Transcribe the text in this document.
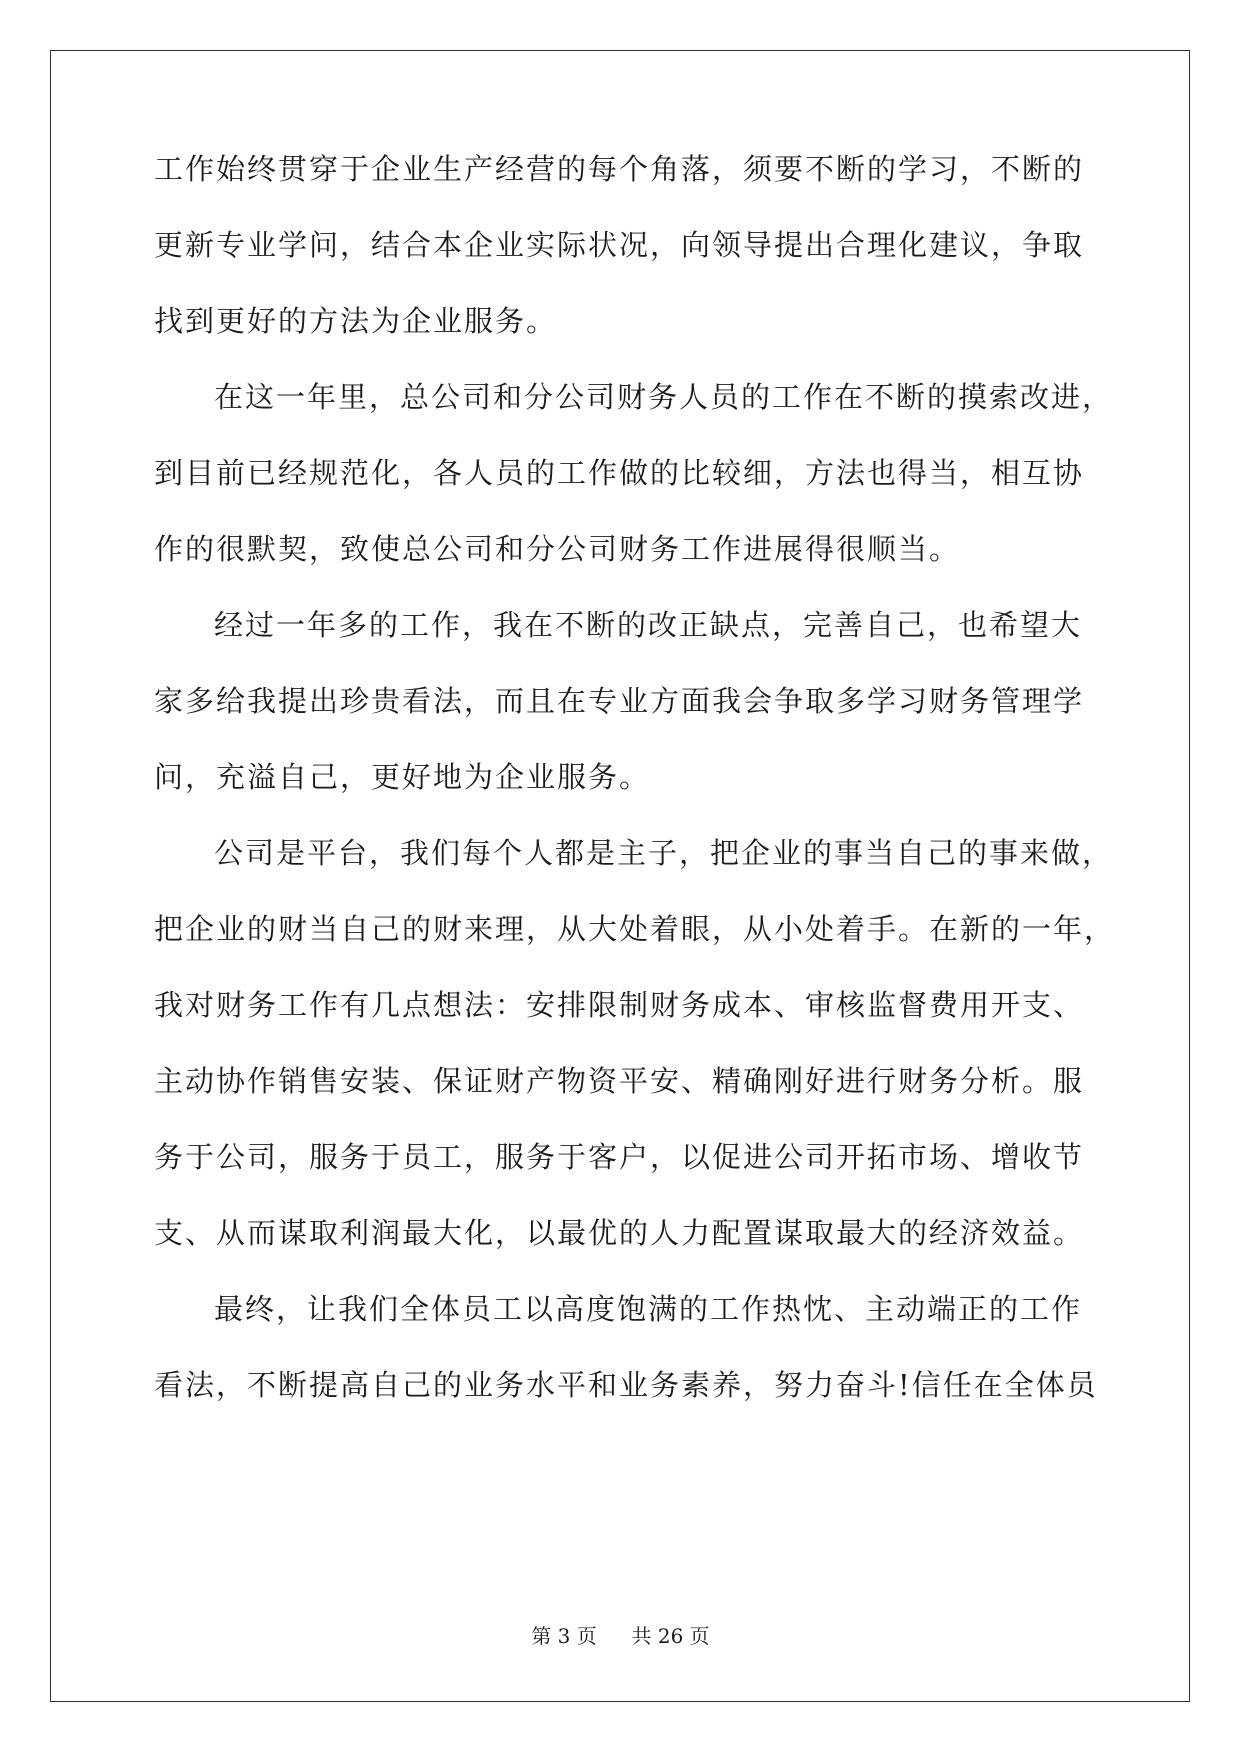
工作始终贯穿于企业生产经营的每个角落，须要不断的学习，不断的
更新专业学问，结合本企业实际状况，向领导提出合理化建议，争取
找到更好的方法为企业服务。
在这一年里，总公司和分公司财务人员的工作在不断的摸索改进，
到目前已经规范化，各人员的工作做的比较细，方法也得当，相互协
作的很默契，致使总公司和分公司财务工作进展得很顺当。
经过一年多的工作，我在不断的改正缺点，完善自己，也希望大
家多给我提出珍贵看法，而且在专业方面我会争取多学习财务管理学
问，充溢自己，更好地为企业服务。
公司是平台，我们每个人都是主子，把企业的事当自己的事来做，
把企业的财当自己的财来理，从大处着眼，从小处着手。在新的一年，
我对财务工作有几点想法：安排限制财务成本、审核监督费用开支、
主动协作销售安装、保证财产物资平安、精确刚好进行财务分析。服
务于公司，服务于员工，服务于客户，以促进公司开拓市场、增收节
支、从而谋取利润最大化，以最优的人力配置谋取最大的经济效益。
最终，让我们全体员工以高度饱满的工作热忱、主动端正的工作
看法，不断提高自己的业务水平和业务素养，努力奋斗!信任在全体员
第 3 页 共 26 页
